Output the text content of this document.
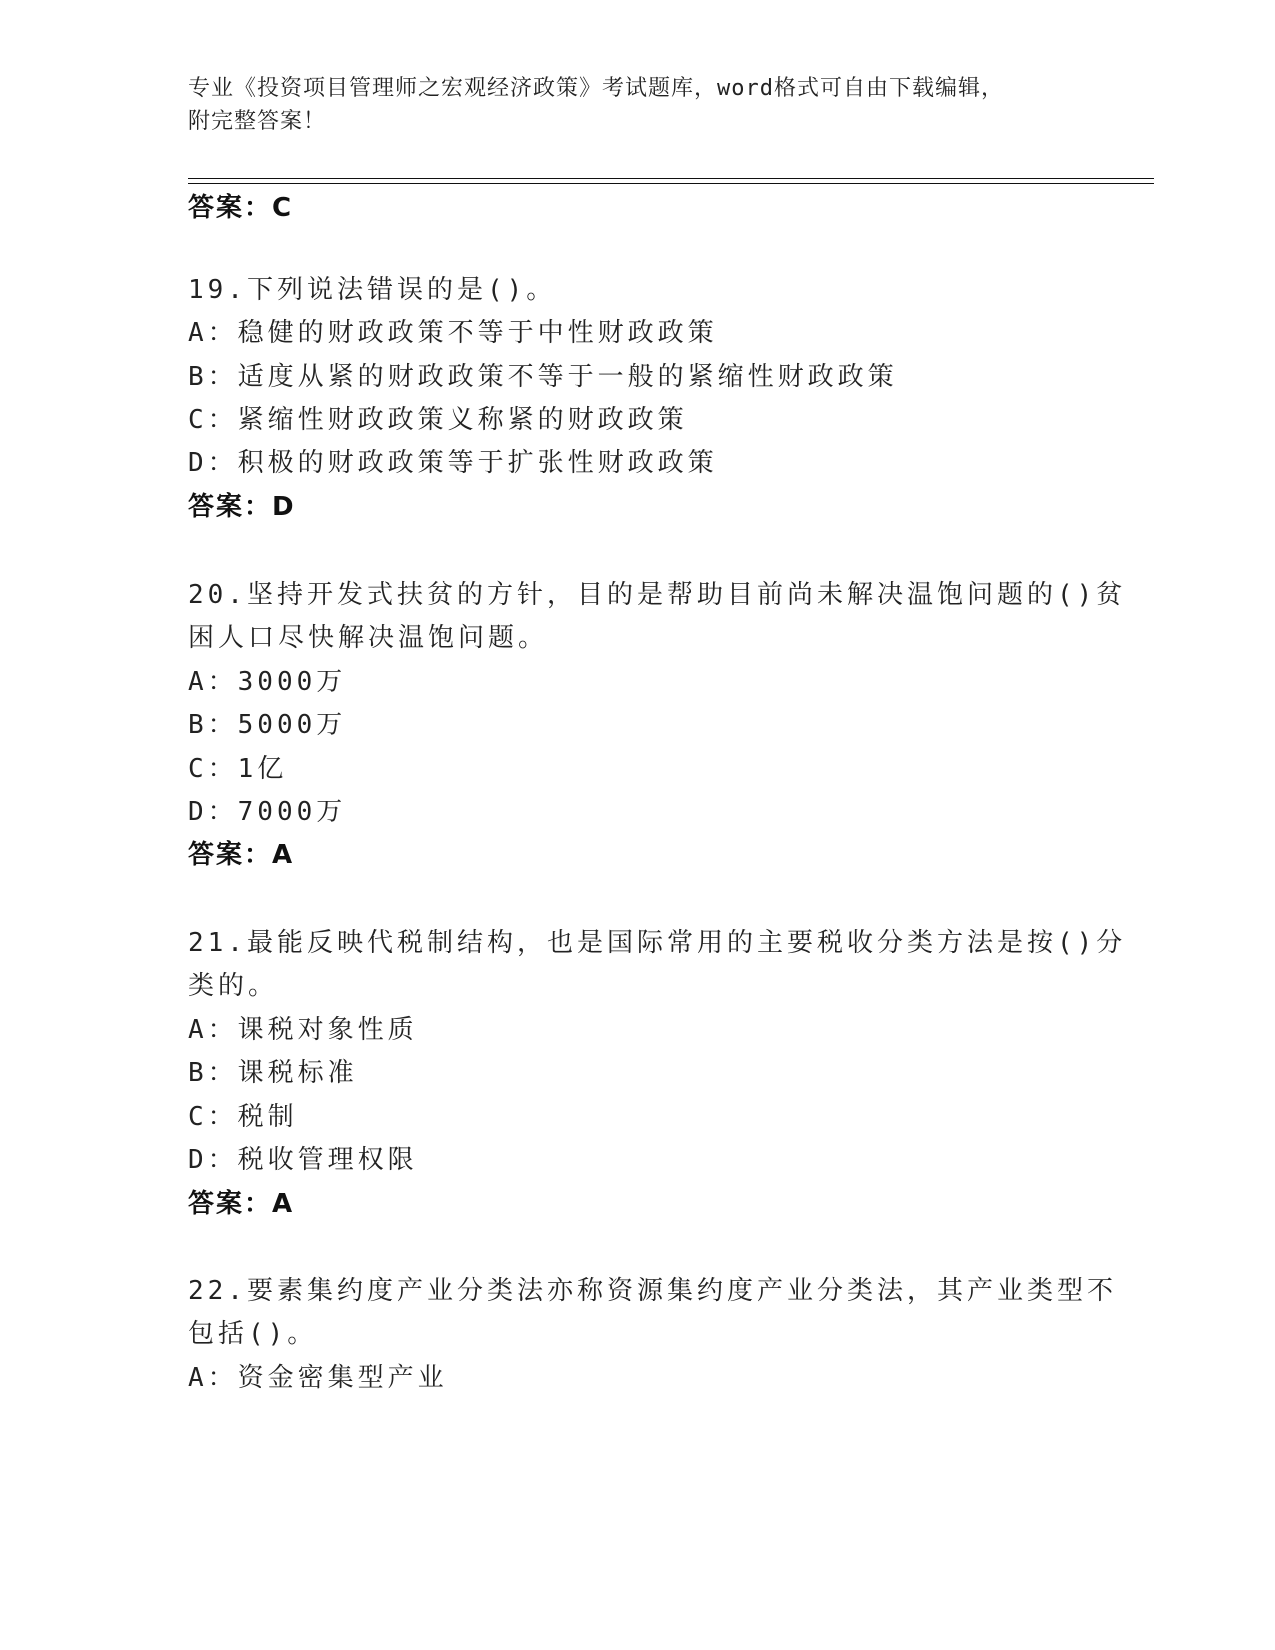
专业《投资项目管理师之宏观经济政策》考试题库，word格式可自由下载编辑，
附完整答案！
答案：C
19.下列说法错误的是()。
A：稳健的财政政策不等于中性财政政策
B：适度从紧的财政政策不等于一般的紧缩性财政政策
C：紧缩性财政政策义称紧的财政政策
D：积极的财政政策等于扩张性财政政策
答案：D
20.坚持开发式扶贫的方针，目的是帮助目前尚未解决温饱问题的()贫
困人口尽快解决温饱问题。
A：3000万
B：5000万
C：1亿
D：7000万
答案：A
21.最能反映代税制结构，也是国际常用的主要税收分类方法是按()分
类的。
A：课税对象性质
B：课税标准
C：税制
D：税收管理权限
答案：A
22.要素集约度产业分类法亦称资源集约度产业分类法，其产业类型不
包括()。
A：资金密集型产业
